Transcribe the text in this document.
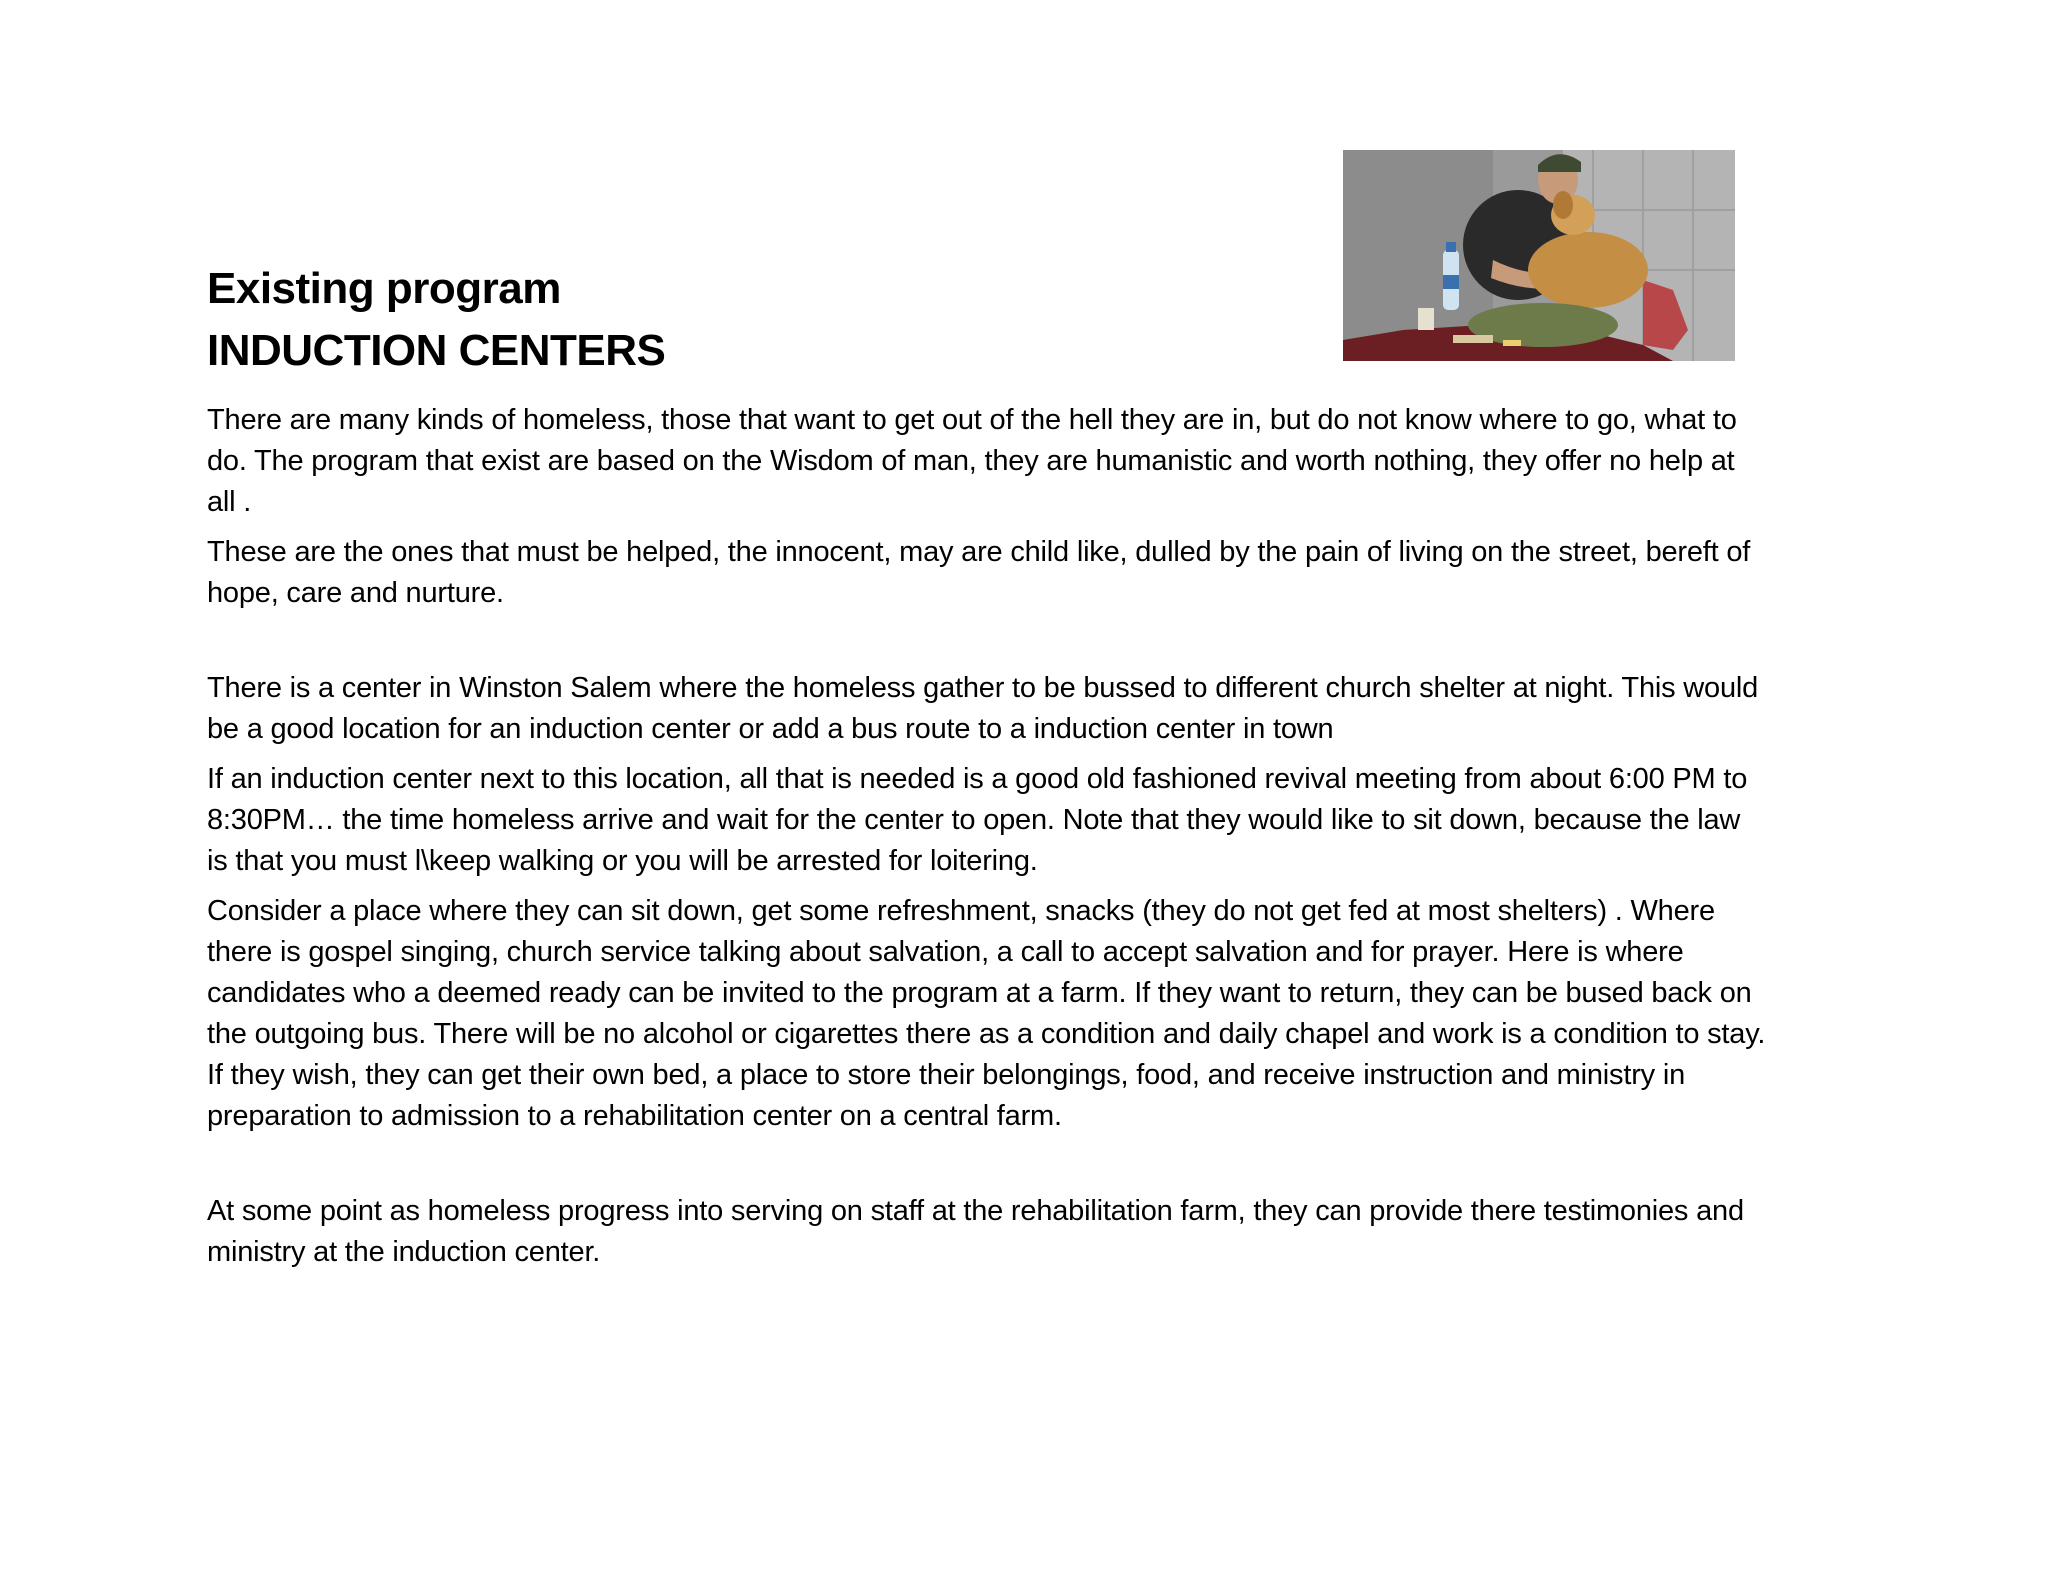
Existing program
INDUCTION CENTERS

There are many kinds of homeless, those that want to get out of the hell they are in, but do not know where to go, what to do. The program that exist are based on the Wisdom of man, they are humanistic and worth nothing, they offer no help at all .

These are the ones that must be helped, the innocent, may are child like, dulled by the pain of living on the street, bereft of hope, care and nurture.

There is a center in Winston Salem where the homeless gather to be bussed to different church shelter at night. This would be a good location for an induction center or add a bus route to a induction center in town

If an induction center next to this location, all that is needed is a good old fashioned revival meeting from about 6:00 PM to 8:30PM… the time homeless arrive and wait for the center to open. Note that they would like to sit down, because the law is that you must l\keep walking or you will be arrested for loitering.

Consider a place where they can sit down, get some refreshment, snacks (they do not get fed at most shelters) . Where there is gospel singing, church service talking about salvation, a call to accept salvation and for prayer. Here is where candidates who a deemed ready can be invited to the program at a farm. If they want to return, they can be bused back on the outgoing bus. There will be no alcohol or cigarettes there as a condition and daily chapel and work is a condition to stay. If they wish, they can get their own bed, a place to store their belongings, food, and receive instruction and ministry in preparation to admission to a rehabilitation center on a central farm.

At some point as homeless progress into serving on staff at the rehabilitation farm, they can provide there testimonies and ministry at the induction center.
